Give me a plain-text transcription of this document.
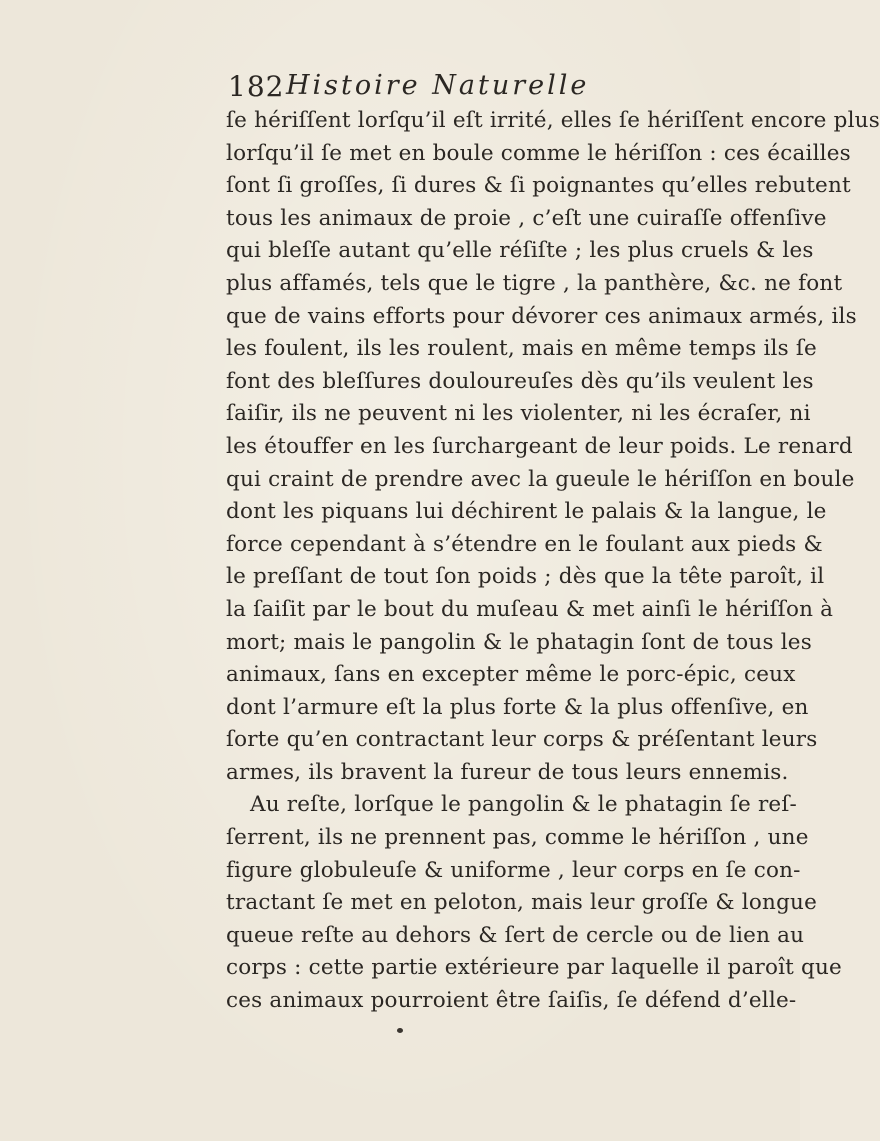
182 Histoire Naturelle
ſe hériſſent lorſqu’il eſt irrité, elles ſe hériſſent encore plus
lorſqu’il ſe met en boule comme le hériſſon : ces écailles
ſont ſi groſſes, ſi dures & ſi poignantes qu’elles rebutent
tous les animaux de proie , c’eſt une cuiraſſe offenſive
qui bleſſe autant qu’elle réſiſte ; les plus cruels & les
plus affamés, tels que le tigre , la panthère, &c. ne font
que de vains efforts pour dévorer ces animaux armés, ils
les foulent, ils les roulent, mais en même temps ils ſe
font des bleſſures douloureuſes dès qu’ils veulent les
ſaiſir, ils ne peuvent ni les violenter, ni les écraſer, ni
les étouffer en les ſurchargeant de leur poids. Le renard
qui craint de prendre avec la gueule le hériſſon en boule
dont les piquans lui déchirent le palais & la langue, le
force cependant à s’étendre en le foulant aux pieds &
le preſſant de tout ſon poids ; dès que la tête paroît, il
la ſaiſit par le bout du muſeau & met ainſi le hériſſon à
mort; mais le pangolin & le phatagin ſont de tous les
animaux, ſans en excepter même le porc-épic, ceux
dont l’armure eſt la plus forte & la plus offenſive, en
ſorte qu’en contractant leur corps & préſentant leurs
armes, ils bravent la fureur de tous leurs ennemis.
Au reſte, lorſque le pangolin & le phatagin ſe reſ-
ſerrent, ils ne prennent pas, comme le hériſſon , une
figure globuleuſe & uniforme , leur corps en ſe con-
tractant ſe met en peloton, mais leur groſſe & longue
queue reſte au dehors & ſert de cercle ou de lien au
corps : cette partie extérieure par laquelle il paroît que
ces animaux pourroient être ſaiſis, ſe défend d’elle-
